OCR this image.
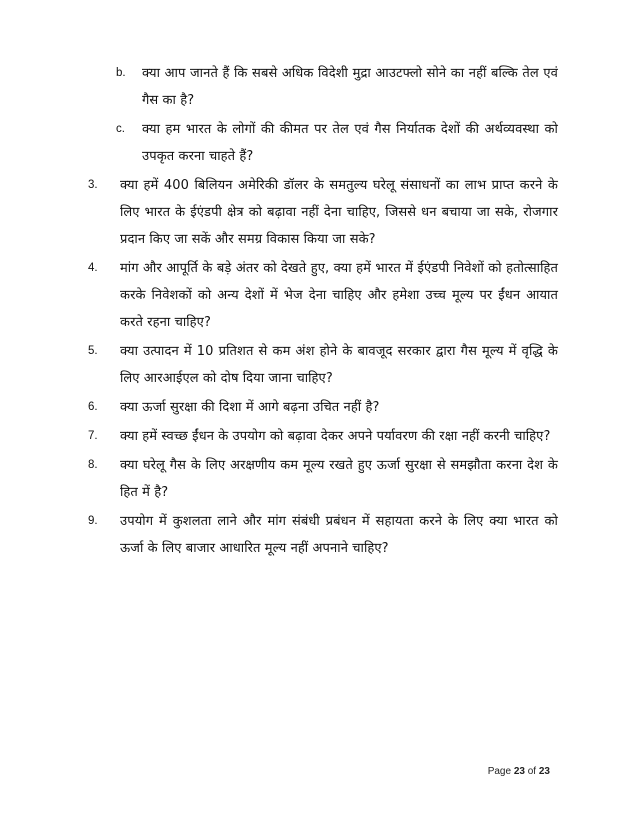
b.	क्या आप जानते हैं कि सबसे अधिक विदेशी मुद्रा आउटफ्लो सोने का नहीं बल्कि तेल एवं गैस का है?
c.	क्या हम भारत के लोगों की कीमत पर तेल एवं गैस निर्यातक देशों की अर्थव्यवस्था को उपकृत करना चाहते हैं?
3. क्या हमें 400 बिलियन अमेरिकी डॉलर के समतुल्य घरेलू संसाधनों का लाभ प्राप्त करने के लिए भारत के ईएंडपी क्षेत्र को बढ़ावा नहीं देना चाहिए, जिससे धन बचाया जा सके, रोजगार प्रदान किए जा सकें और समग्र विकास किया जा सके?
4. मांग और आपूर्ति के बड़े अंतर को देखते हुए, क्या हमें भारत में ईएंडपी निवेशों को हतोत्साहित करके निवेशकों को अन्य देशों में भेज देना चाहिए और हमेशा उच्च मूल्य पर ईंधन आयात करते रहना चाहिए?
5. क्या उत्पादन में 10 प्रतिशत से कम अंश होने के बावजूद सरकार द्वारा गैस मूल्य में वृद्धि के लिए आरआईएल को दोष दिया जाना चाहिए?
6. क्या ऊर्जा सुरक्षा की दिशा में आगे बढ़ना उचित नहीं है?
7. क्या हमें स्वच्छ ईंधन के उपयोग को बढ़ावा देकर अपने पर्यावरण की रक्षा नहीं करनी चाहिए?
8. क्या घरेलू गैस के लिए अरक्षणीय कम मूल्य रखते हुए ऊर्जा सुरक्षा से समझौता करना देश के हित में है?
9. उपयोग में कुशलता लाने और मांग संबंधी प्रबंधन में सहायता करने के लिए क्या भारत को ऊर्जा के लिए बाजार आधारित मूल्य नहीं अपनाने चाहिए?
Page 23 of 23
